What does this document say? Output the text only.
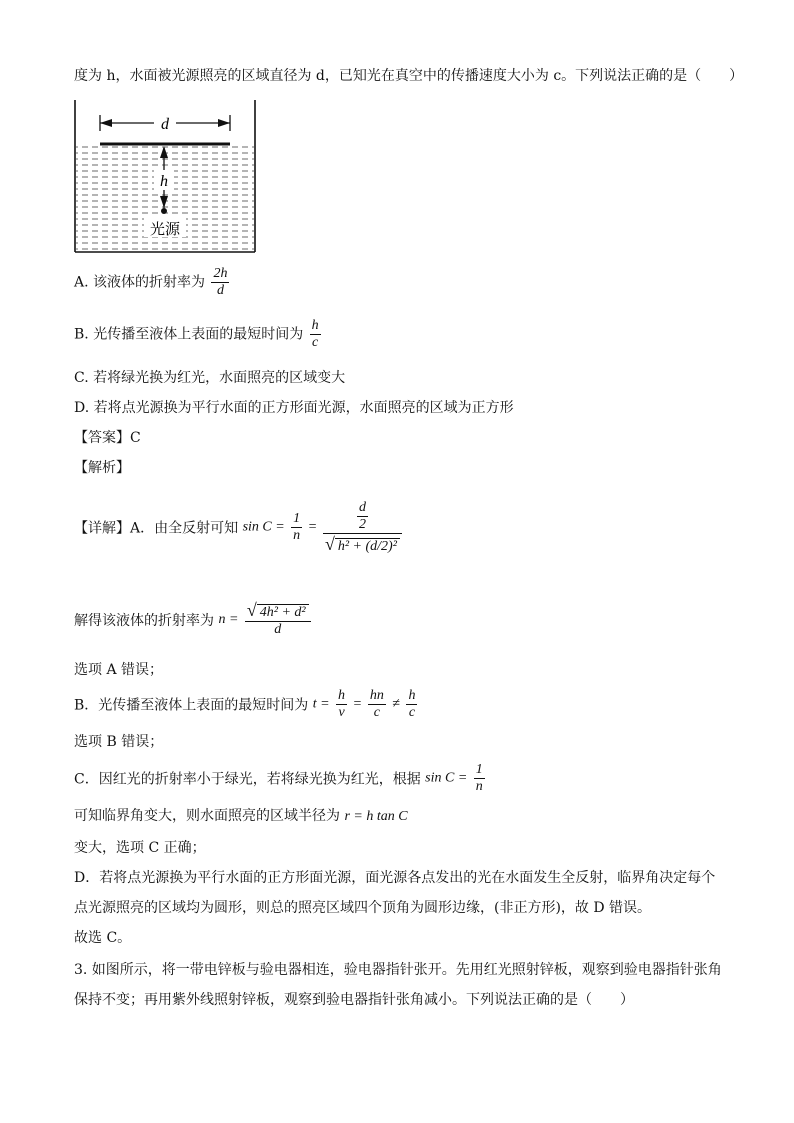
度为 h，水面被光源照亮的区域直径为 d，已知光在真空中的传播速度大小为 c。下列说法正确的是（　　）
d
h
光源
A. 该液体的折射率为 $\frac{2h}{d}$
B. 光传播至液体上表面的最短时间为 $\frac{h}{c}$
C. 若将绿光换为红光，水面照亮的区域变大
D. 若将点光源换为平行水面的正方形面光源，水面照亮的区域为正方形
【答案】C
【解析】
【详解】A．由全反射可知 $\sin C = \frac{1}{n} = \frac{\frac{d}{2}}{\text{√ h² + (d/2)²}}$
解得该液体的折射率为 $n = \frac{\text{√ 4h² + d²}}{d}$
选项 A 错误；
B．光传播至液体上表面的最短时间为 $t = \frac{h}{v} = \frac{hn}{c} \ne \frac{h}{c}$
选项 B 错误；
C．因红光的折射率小于绿光，若将绿光换为红光，根据 $\sin C = \frac{1}{n}$
可知临界角变大，则水面照亮的区域半径为 r = h tan C
变大，选项 C 正确；
D．若将点光源换为平行水面的正方形面光源，面光源各点发出的光在水面发生全反射，临界角决定每个
点光源照亮的区域均为圆形，则总的照亮区域四个顶角为圆形边缘，(非正方形)，故 D 错误。
故选 C。
3. 如图所示，将一带电锌板与验电器相连，验电器指针张开。先用红光照射锌板，观察到验电器指针张角
保持不变；再用紫外线照射锌板，观察到验电器指针张角减小。下列说法正确的是（　　）
